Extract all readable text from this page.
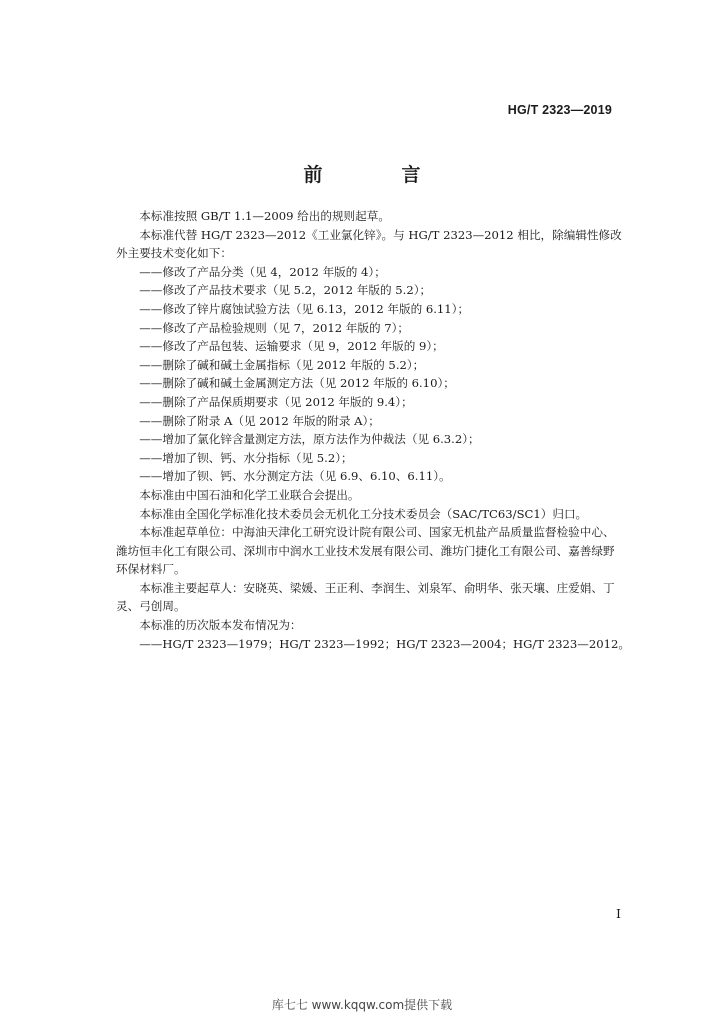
HG/T 2323—2019
前　言

本标准按照 GB/T 1.1—2009 给出的规则起草。

本标准代替 HG/T 2323—2012《工业氯化锌》。与 HG/T 2323—2012 相比，除编辑性修改外主要技术变化如下：

——修改了产品分类（见 4，2012 年版的 4）；

——修改了产品技术要求（见 5.2，2012 年版的 5.2）；

——修改了锌片腐蚀试验方法（见 6.13，2012 年版的 6.11）；

——修改了产品检验规则（见 7，2012 年版的 7）；

——修改了产品包装、运输要求（见 9，2012 年版的 9）；

——删除了碱和碱土金属指标（见 2012 年版的 5.2）；

——删除了碱和碱土金属测定方法（见 2012 年版的 6.10）；

——删除了产品保质期要求（见 2012 年版的 9.4）；

——删除了附录 A（见 2012 年版的附录 A）；

——增加了氯化锌含量测定方法，原方法作为仲裁法（见 6.3.2）；

——增加了钡、钙、水分指标（见 5.2）；

——增加了钡、钙、水分测定方法（见 6.9、6.10、6.11）。

本标准由中国石油和化学工业联合会提出。

本标准由全国化学标准化技术委员会无机化工分技术委员会（SAC/TC63/SC1）归口。

本标准起草单位：中海油天津化工研究设计院有限公司、国家无机盐产品质量监督检验中心、潍坊恒丰化工有限公司、深圳市中润水工业技术发展有限公司、潍坊门捷化工有限公司、嘉善绿野环保材料厂。

本标准主要起草人：安晓英、梁媛、王正利、李润生、刘泉军、俞明华、张天壤、庄爱娟、丁灵、弓创周。

本标准的历次版本发布情况为：

——HG/T 2323—1979；HG/T 2323—1992；HG/T 2323—2004；HG/T 2323—2012。

I
库七七 www.kqqw.com提供下载
